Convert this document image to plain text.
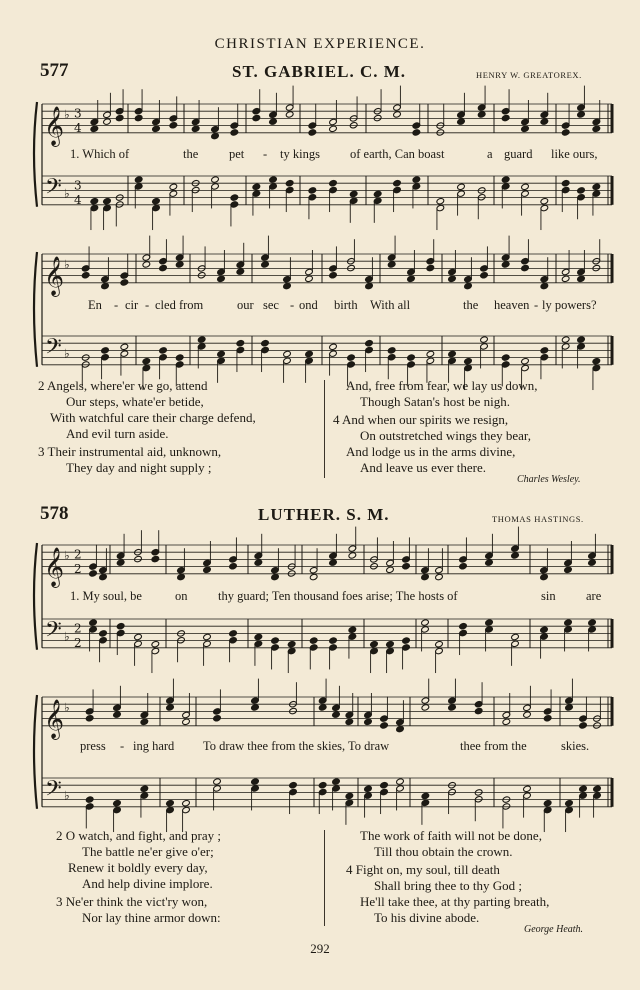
CHRISTIAN EXPERIENCE.
577	ST. GABRIEL. C. M.	HENRY W. GREATOREX.
1. Which of	the pet - ty kings of earth, Can boast	a guard like ours,
En - cir - cled from	our sec - ond birth With all	the heaven - ly powers?
2 Angels, where'er we go, attend
Our steps, whate'er betide,
With watchful care their charge defend,
And evil turn aside.
3 Their instrumental aid, unknown,
They day and night supply ;
And, free from fear, we lay us down,
Though Satan's host be nigh.
4 And when our spirits we resign,
On outstretched wings they bear,
And lodge us in the arms divine,
And leave us ever there.
Charles Wesley.
578	LUTHER. S. M.	THOMAS HASTINGS.
1. My soul, be	on thy guard; Ten thousand foes arise; The hosts of	sin are
press - ing hard To draw thee from the skies, To draw	thee from the	skies.
2 O watch, and fight, and pray ;
The battle ne'er give o'er;
Renew it boldly every day,
And help divine implore.
3 Ne'er think the vict'ry won,
Nor lay thine armor down:
The work of faith will not be done,
Till thou obtain the crown.
4 Fight on, my soul, till death
Shall bring thee to thy God ;
He'll take thee, at thy parting breath,
To his divine abode.
George Heath.
292
𝄞
𝄢
♭
♭
3
4
3
4
𝄞
𝄢
♭
♭
𝄞
𝄢
♭
♭
2
2
2
2
𝄞
𝄢
♭
♭
